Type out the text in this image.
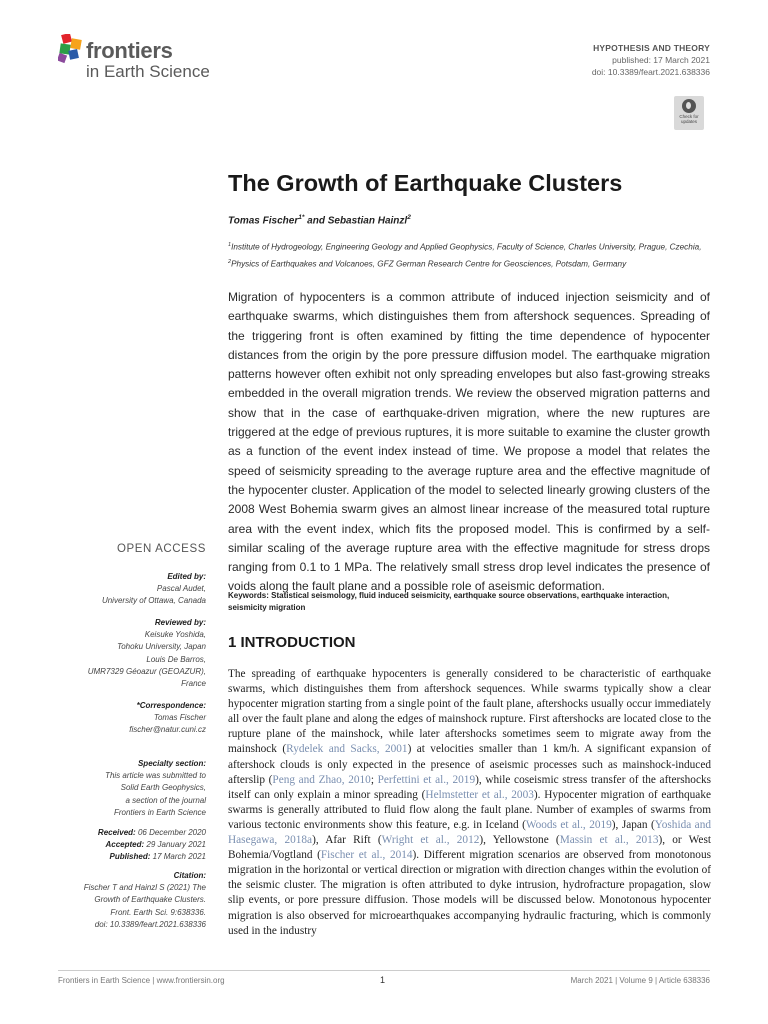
frontiers
in Earth Science
HYPOTHESIS AND THEORY
published: 17 March 2021
doi: 10.3389/feart.2021.638336
Check for
updates
The Growth of Earthquake Clusters
Tomas Fischer$^{1*}$ and Sebastian Hainzl$^2$
$^1$Institute of Hydrogeology, Engineering Geology and Applied Geophysics, Faculty of Science, Charles University, Prague, Czechia, $^2$Physics of Earthquakes and Volcanoes, GFZ German Research Centre for Geosciences, Potsdam, Germany
Migration of hypocenters is a common attribute of induced injection seismicity and of earthquake swarms, which distinguishes them from aftershock sequences. Spreading of the triggering front is often examined by fitting the time dependence of hypocenter distances from the origin by the pore pressure diffusion model. The earthquake migration patterns however often exhibit not only spreading envelopes but also fast-growing streaks embedded in the overall migration trends. We review the observed migration patterns and show that in the case of earthquake-driven migration, where the new ruptures are triggered at the edge of previous ruptures, it is more suitable to examine the cluster growth as a function of the event index instead of time. We propose a model that relates the speed of seismicity spreading to the average rupture area and the effective magnitude of the hypocenter cluster. Application of the model to selected linearly growing clusters of the 2008 West Bohemia swarm gives an almost linear increase of the measured total rupture area with the event index, which fits the proposed model. This is confirmed by a self-similar scaling of the average rupture area with the effective magnitude for stress drops ranging from 0.1 to 1 MPa. The relatively small stress drop level indicates the presence of voids along the fault plane and a possible role of aseismic deformation.
Keywords: Statistical seismology, fluid induced seismicity, earthquake source observations, earthquake interaction, seismicity migration
1 INTRODUCTION
The spreading of earthquake hypocenters is generally considered to be characteristic of earthquake swarms, which distinguishes them from aftershock sequences. While swarms typically show a clear hypocenter migration starting from a single point of the fault plane, aftershocks usually occur immediately all over the fault plane and along the edges of mainshock rupture. First aftershocks are located close to the rupture plane of the mainshock, while later aftershocks sometimes seem to migrate away from the mainshock (Rydelek and Sacks, 2001) at velocities smaller than 1 km/h. A significant expansion of aftershock clouds is only expected in the presence of aseismic processes such as mainshock-induced afterslip (Peng and Zhao, 2010; Perfettini et al., 2019), while coseismic stress transfer of the aftershocks itself can only explain a minor spreading (Helmstetter et al., 2003). Hypocenter migration of earthquake swarms is generally attributed to fluid flow along the fault plane. Number of examples of swarms from various tectonic environments show this feature, e.g. in Iceland (Woods et al., 2019), Japan (Yoshida and Hasegawa, 2018a), Afar Rift (Wright et al., 2012), Yellowstone (Massin et al., 2013), or West Bohemia/Vogtland (Fischer et al., 2014). Different migration scenarios are observed from monotonous migration in the horizontal or vertical direction or migration with direction changes within the evolution of the seismic cluster. The migration is often attributed to dyke intrusion, hydrofracture propagation, slow slip events, or pore pressure diffusion. Those models will be discussed below. Monotonous hypocenter migration is also observed for microearthquakes accompanying hydraulic fracturing, which is commonly used in the industry
OPEN ACCESS
Edited by:
Pascal Audet,
University of Ottawa, Canada
Reviewed by:
Keisuke Yoshida,
Tohoku University, Japan
Louis De Barros,
UMR7329 Géoazur (GEOAZUR),
France
*Correspondence:
Tomas Fischer
fischer@natur.cuni.cz
Specialty section:
This article was submitted to
Solid Earth Geophysics,
a section of the journal
Frontiers in Earth Science
Received: 06 December 2020
Accepted: 29 January 2021
Published: 17 March 2021
Citation:
Fischer T and Hainzl S (2021) The
Growth of Earthquake Clusters.
Front. Earth Sci. 9:638336.
doi: 10.3389/feart.2021.638336
Frontiers in Earth Science | www.frontiersin.org	1	March 2021 | Volume 9 | Article 638336
